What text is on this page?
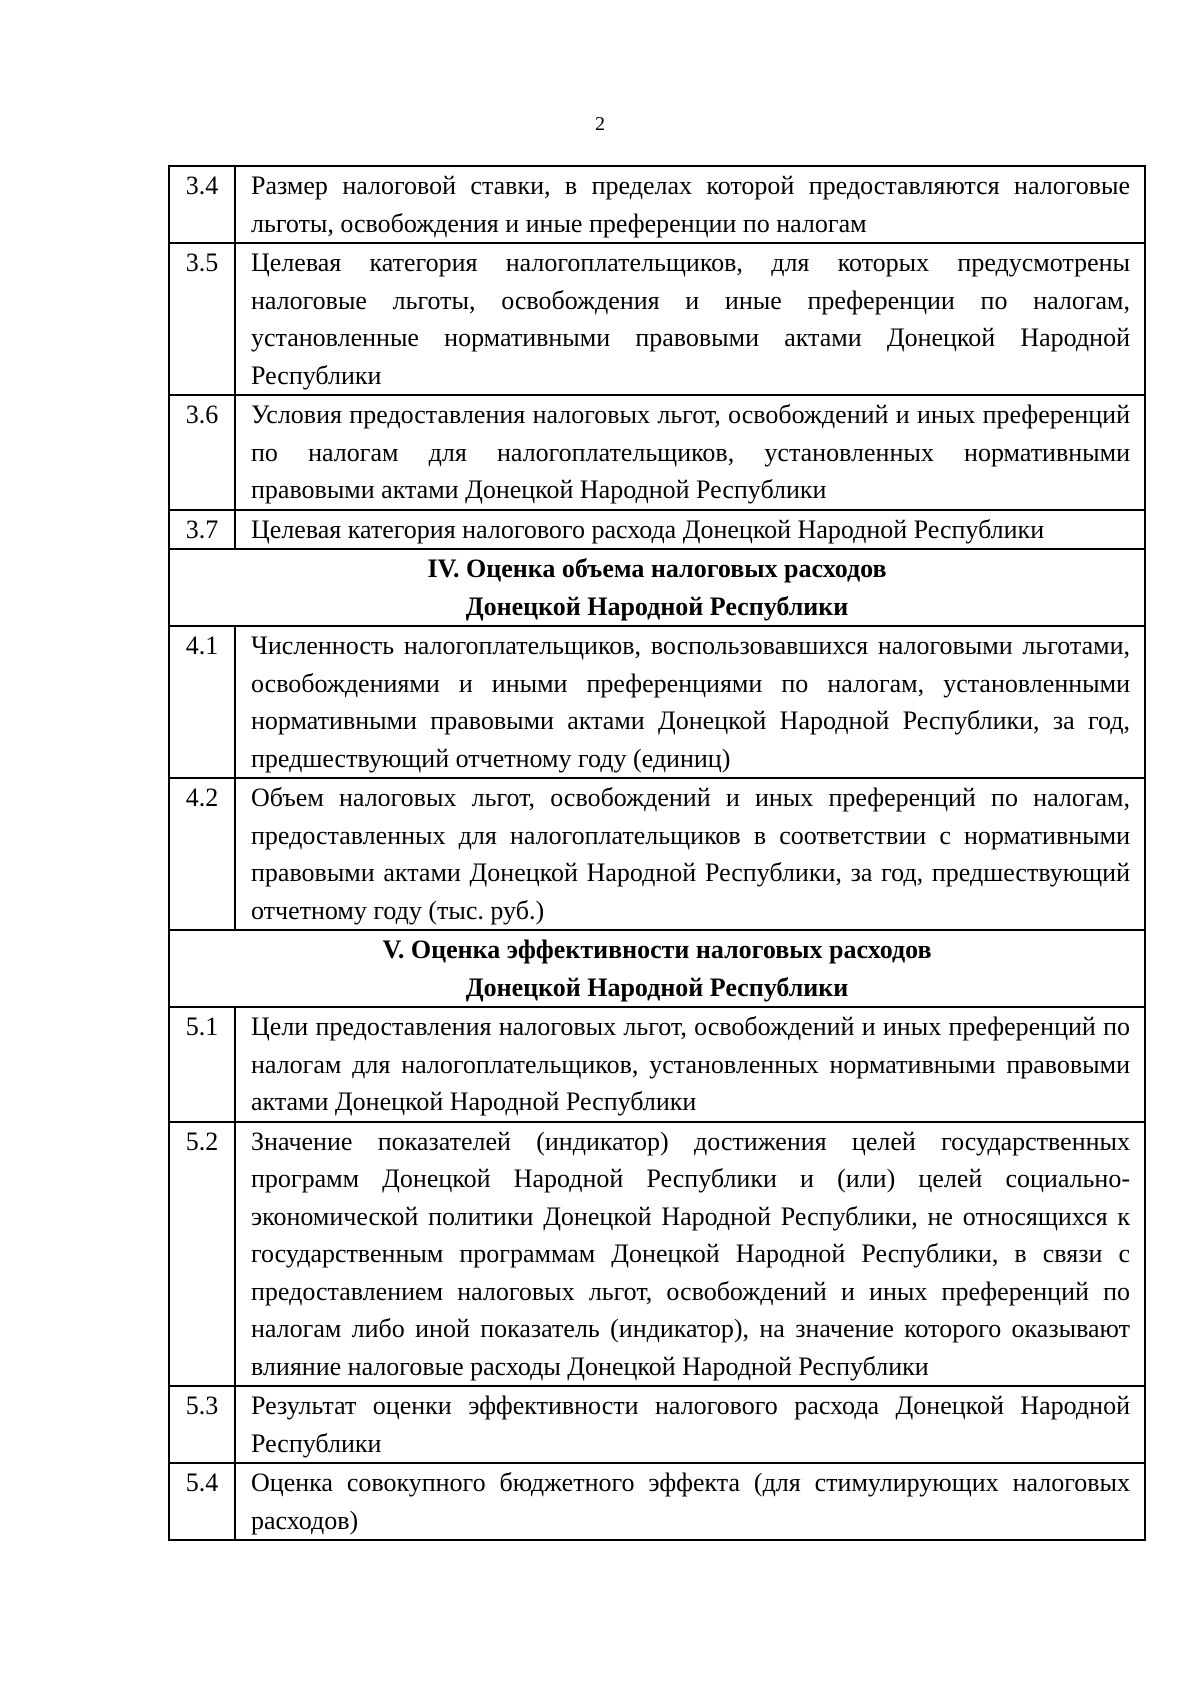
2
3.4	Размер налоговой ставки, в пределах которой предоставляются налоговые льготы, освобождения и иные преференции по налогам
3.5	Целевая категория налогоплательщиков, для которых предусмотрены налоговые льготы, освобождения и иные преференции по налогам, установленные нормативными правовыми актами Донецкой Народной Республики
3.6	Условия предоставления налоговых льгот, освобождений и иных преференций по налогам для налогоплательщиков, установленных нормативными правовыми актами Донецкой Народной Республики
3.7	Целевая категория налогового расхода Донецкой Народной Республики

IV. Оценка объема налоговых расходов
Донецкой Народной Республики	

4.1	Численность налогоплательщиков, воспользовавшихся налоговыми льготами, освобождениями и иными преференциями по налогам, установленными нормативными правовыми актами Донецкой Народной Республики, за год, предшествующий отчетному году (единиц)
4.2	Объем налоговых льгот, освобождений и иных преференций по налогам, предоставленных для налогоплательщиков в соответствии с нормативными правовыми актами Донецкой Народной Республики, за год, предшествующий отчетному году (тыс. руб.)

V. Оценка эффективности налоговых расходов
Донецкой Народной Республики	

5.1	Цели предоставления налоговых льгот, освобождений и иных преференций по налогам для налогоплательщиков, установленных нормативными правовыми актами Донецкой Народной Республики
5.2	Значение показателей (индикатор) достижения целей государственных программ Донецкой Народной Республики и (или) целей социально-экономической политики Донецкой Народной Республики, не относящихся к государственным программам Донецкой Народной Республики, в связи с предоставлением налоговых льгот, освобождений и иных преференций по налогам либо иной показатель (индикатор), на значение которого оказывают влияние налоговые расходы Донецкой Народной Республики
5.3	Результат оценки эффективности налогового расхода Донецкой Народной Республики
5.4	Оценка совокупного бюджетного эффекта (для стимулирующих налоговых расходов)
